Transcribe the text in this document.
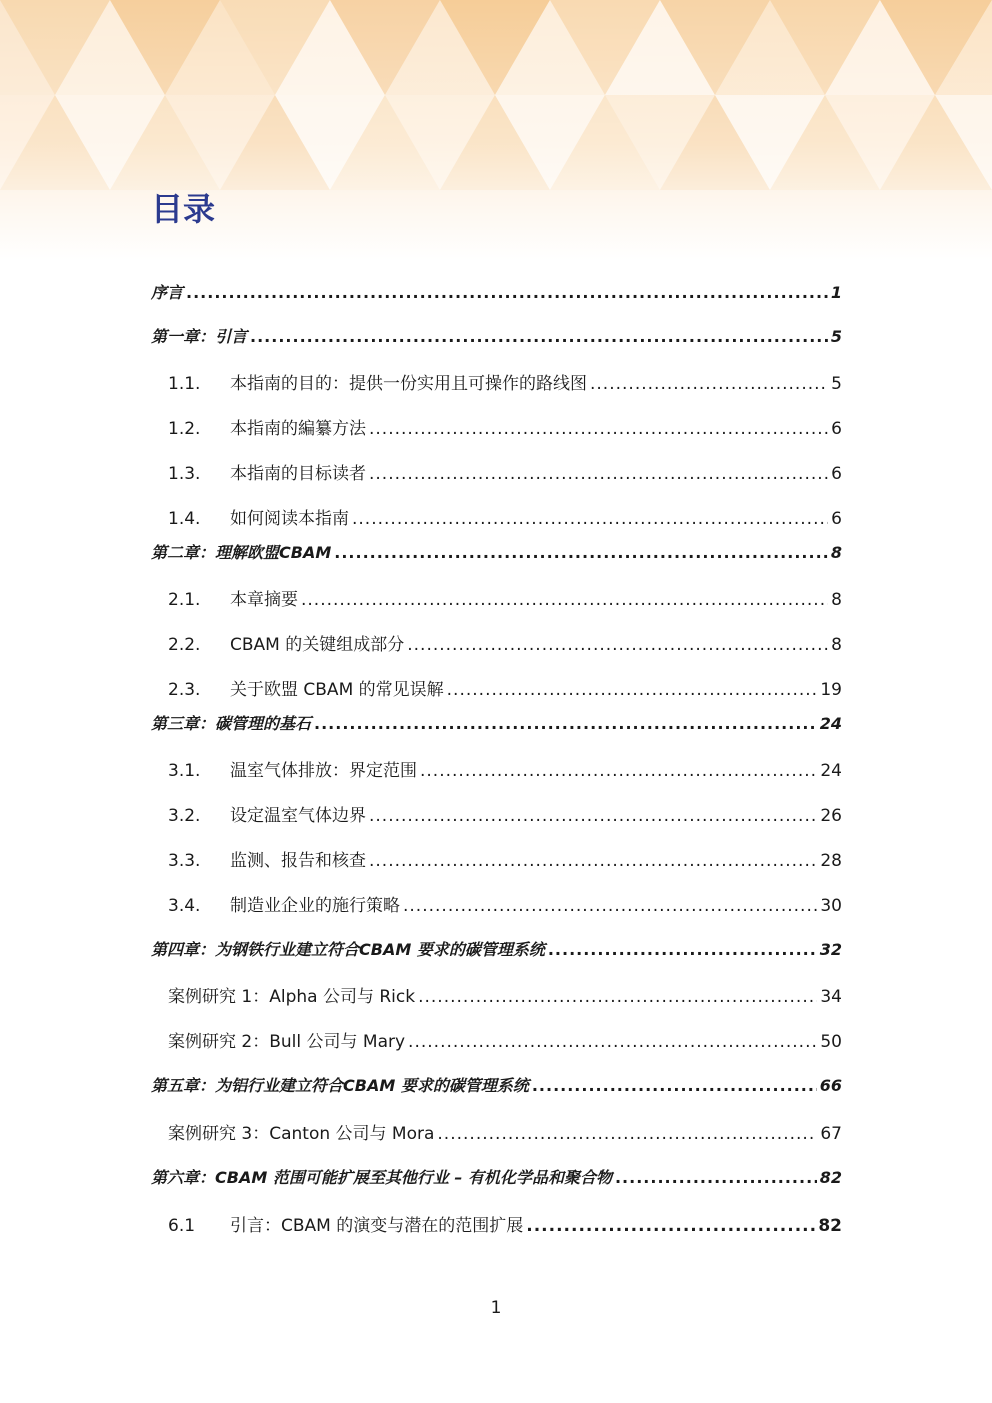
目录
序言 .....	1
第一章：引言 .....	5
1.1.	本指南的目的：提供一份实用且可操作的路线图 .....	5
1.2.	本指南的編纂方法 .....	6
1.3.	本指南的目标读者 .....	6
1.4.	如何阅读本指南 .....	6
第二章：理解欧盟CBAM .....	8
2.1.	本章摘要 .....	8
2.2.	CBAM 的关键组成部分 .....	8
2.3.	关于欧盟 CBAM 的常见误解 .....	19
第三章：碳管理的基石 .....	24
3.1.	温室气体排放：界定范围 .....	24
3.2.	设定温室气体边界 .....	26
3.3.	监测、报告和核查 .....	28
3.4.	制造业企业的施行策略 .....	30
第四章：为钢铁行业建立符合CBAM 要求的碳管理系统 .....	32
案例研究 1：Alpha 公司与 Rick .....	34
案例研究 2：Bull 公司与 Mary .....	50
第五章：为铝行业建立符合CBAM 要求的碳管理系统 .....	66
案例研究 3：Canton 公司与 Mora .....	67
第六章：CBAM 范围可能扩展至其他行业 – 有机化学品和聚合物 .....	82
6.1	引言：CBAM 的演变与潜在的范围扩展 .....	82
1
